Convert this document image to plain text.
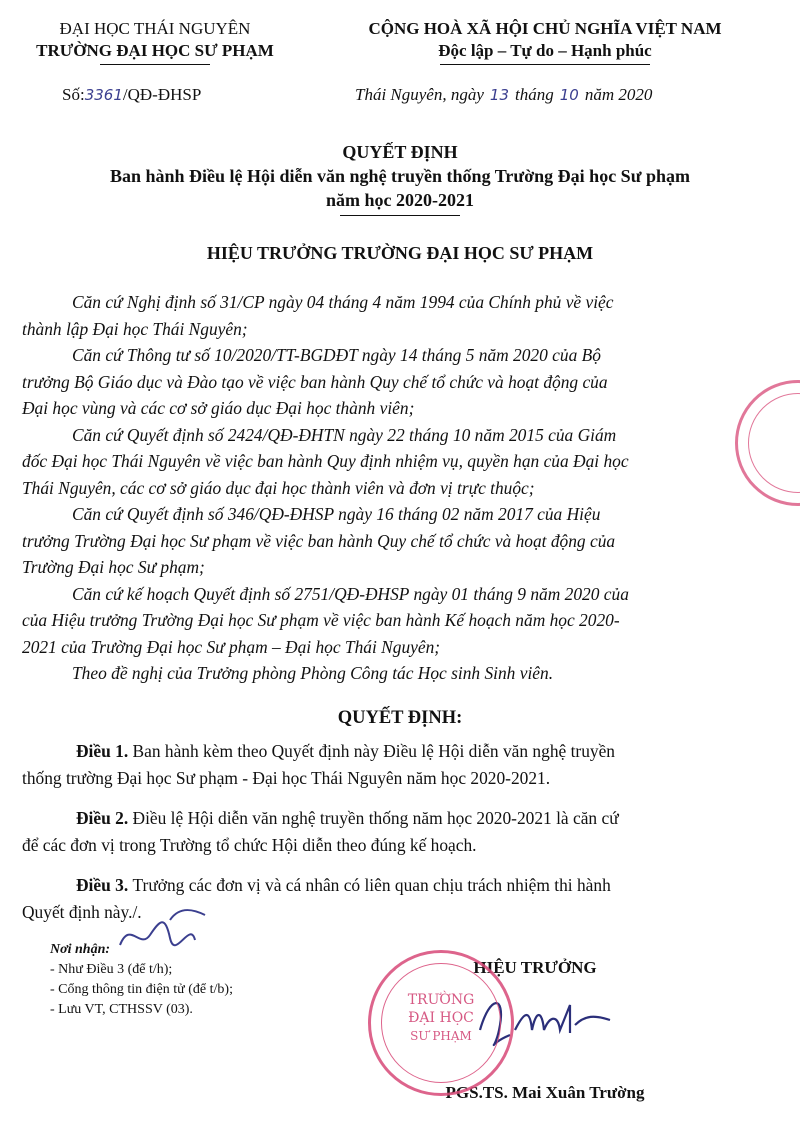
ĐẠI HỌC THÁI NGUYÊN
TRƯỜNG ĐẠI HỌC SƯ PHẠM
Số:3361/QĐ-ĐHSP
CỘNG HOÀ XÃ HỘI CHỦ NGHĨA VIỆT NAM
Độc lập – Tự do – Hạnh phúc
Thái Nguyên, ngày 13 tháng 10 năm 2020
QUYẾT ĐỊNH
Ban hành Điều lệ Hội diễn văn nghệ truyền thống Trường Đại học Sư phạm
năm học 2020-2021
HIỆU TRƯỞNG TRƯỜNG ĐẠI HỌC SƯ PHẠM
Căn cứ Nghị định số 31/CP ngày 04 tháng 4 năm 1994 của Chính phủ về việc
thành lập Đại học Thái Nguyên;
Căn cứ Thông tư số 10/2020/TT-BGDĐT ngày 14 tháng 5 năm 2020 của Bộ
trưởng Bộ Giáo dục và Đào tạo về việc ban hành Quy chế tổ chức và hoạt động của
Đại học vùng và các cơ sở giáo dục Đại học thành viên;
Căn cứ Quyết định số 2424/QĐ-ĐHTN ngày 22 tháng 10 năm 2015 của Giám
đốc Đại học Thái Nguyên về việc ban hành Quy định nhiệm vụ, quyền hạn của Đại học
Thái Nguyên, các cơ sở giáo dục đại học thành viên và đơn vị trực thuộc;
Căn cứ Quyết định số 346/QĐ-ĐHSP ngày 16 tháng 02 năm 2017 của Hiệu
trưởng Trường Đại học Sư phạm về việc ban hành Quy chế tổ chức và hoạt động của
Trường Đại học Sư phạm;
Căn cứ kế hoạch Quyết định số 2751/QĐ-ĐHSP ngày 01 tháng 9 năm 2020 của
của Hiệu trưởng Trường Đại học Sư phạm về việc ban hành Kế hoạch năm học 2020-
2021 của Trường Đại học Sư phạm – Đại học Thái Nguyên;
Theo đề nghị của Trưởng phòng Phòng Công tác Học sinh Sinh viên.
QUYẾT ĐỊNH:
Điều 1. Ban hành kèm theo Quyết định này Điều lệ Hội diễn văn nghệ truyền
thống trường Đại học Sư phạm - Đại học Thái Nguyên năm học 2020-2021.
Điều 2. Điều lệ Hội diễn văn nghệ truyền thống năm học 2020-2021 là căn cứ
để các đơn vị trong Trường tổ chức Hội diễn theo đúng kế hoạch.
Điều 3. Trưởng các đơn vị và cá nhân có liên quan chịu trách nhiệm thi hành
Quyết định này./.
Nơi nhận:
- Như Điều 3 (để t/h);
- Cổng thông tin điện tử (để t/b);
- Lưu VT, CTHSSV (03).
HIỆU TRƯỞNG
PGS.TS. Mai Xuân Trường
TRƯỜNG
ĐẠI HỌC
SƯ PHẠM
